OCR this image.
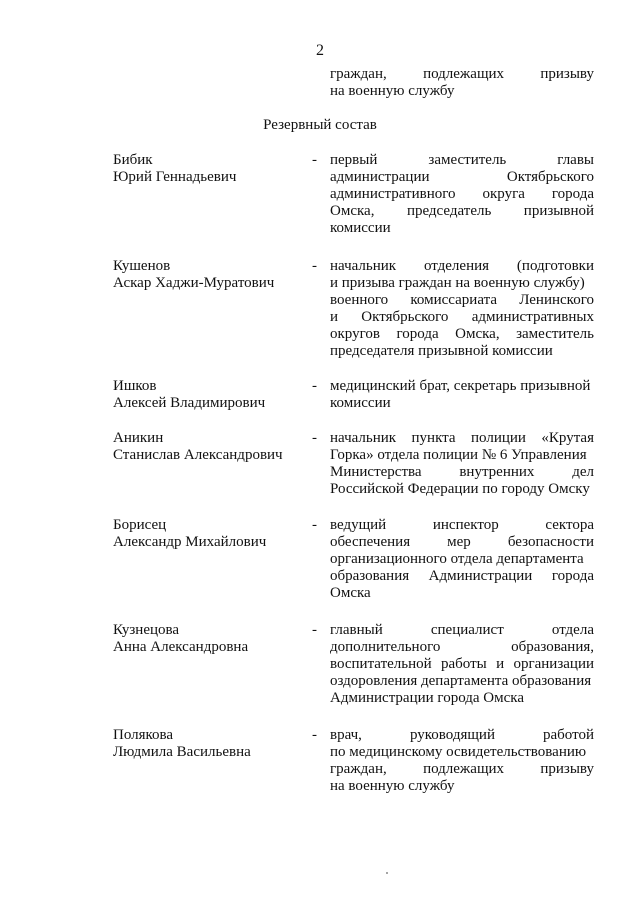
2
граждан, подлежащих призыву
на военную службу
Резервный состав
Бибик
Юрий Геннадьевич
- первый	заместитель	главы
администрации	Октябрьского
административного округа города
Омска, председатель призывной
комиссии
Кушенов
Аскар Хаджи-Муратович
- начальник отделения (подготовки
и призыва граждан на военную службу)
военного комиссариата Ленинского
и Октябрьского административных
округов города Омска, заместитель
председателя призывной комиссии
Ишков
Алексей Владимирович
- медицинский брат, секретарь призывной
комиссии
Аникин
Станислав Александрович
- начальник пункта полиции «Крутая
Горка» отдела полиции № 6 Управления
Министерства	внутренних	дел
Российской Федерации по городу Омску
Борисец
Александр Михайлович
- ведущий	инспектор	сектора
обеспечения мер безопасности
организационного отдела департамента
образования Администрации города
Омска
Кузнецова
Анна Александровна
- главный	специалист	отдела
дополнительного	образования,
воспитательной работы и организации
оздоровления департамента образования
Администрации города Омска
Полякова
Людмила Васильевна
- врач,	руководящий	работой
по медицинскому освидетельствованию
граждан, подлежащих призыву
на военную службу
